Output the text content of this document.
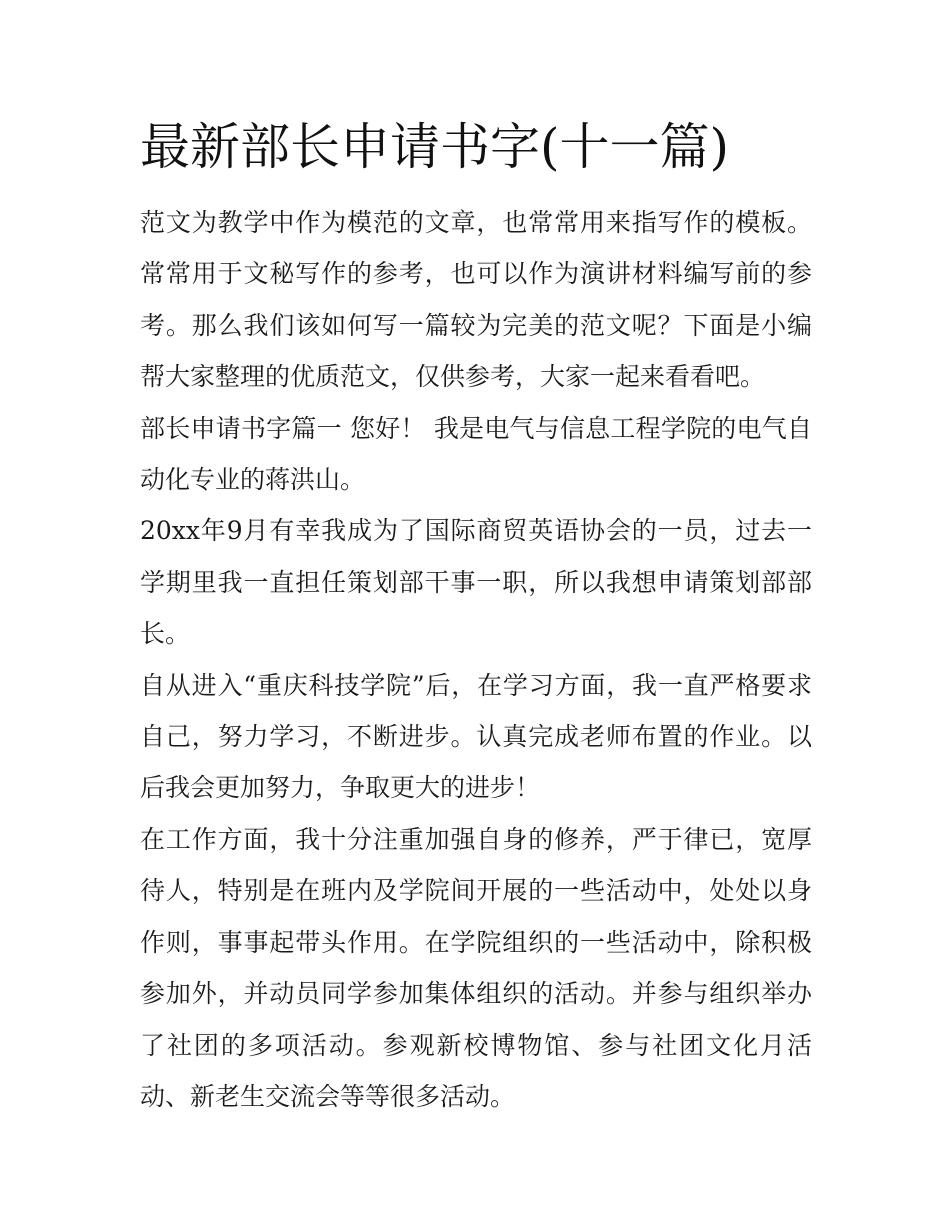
最新部长申请书字(十一篇)

范文为教学中作为模范的文章，也常常用来指写作的模板。常常用于文秘写作的参考，也可以作为演讲材料编写前的参考。那么我们该如何写一篇较为完美的范文呢？下面是小编帮大家整理的优质范文，仅供参考，大家一起来看看吧。

部长申请书字篇一 您好！ 我是电气与信息工程学院的电气自动化专业的蒋洪山。

20xx年9月有幸我成为了国际商贸英语协会的一员，过去一学期里我一直担任策划部干事一职，所以我想申请策划部部长。

自从进入“重庆科技学院”后，在学习方面，我一直严格要求自己，努力学习，不断进步。认真完成老师布置的作业。以后我会更加努力，争取更大的进步！

在工作方面，我十分注重加强自身的修养，严于律已，宽厚待人，特别是在班内及学院间开展的一些活动中，处处以身作则，事事起带头作用。在学院组织的一些活动中，除积极参加外，并动员同学参加集体组织的活动。并参与组织举办了社团的多项活动。参观新校博物馆、参与社团文化月活动、新老生交流会等等很多活动。
